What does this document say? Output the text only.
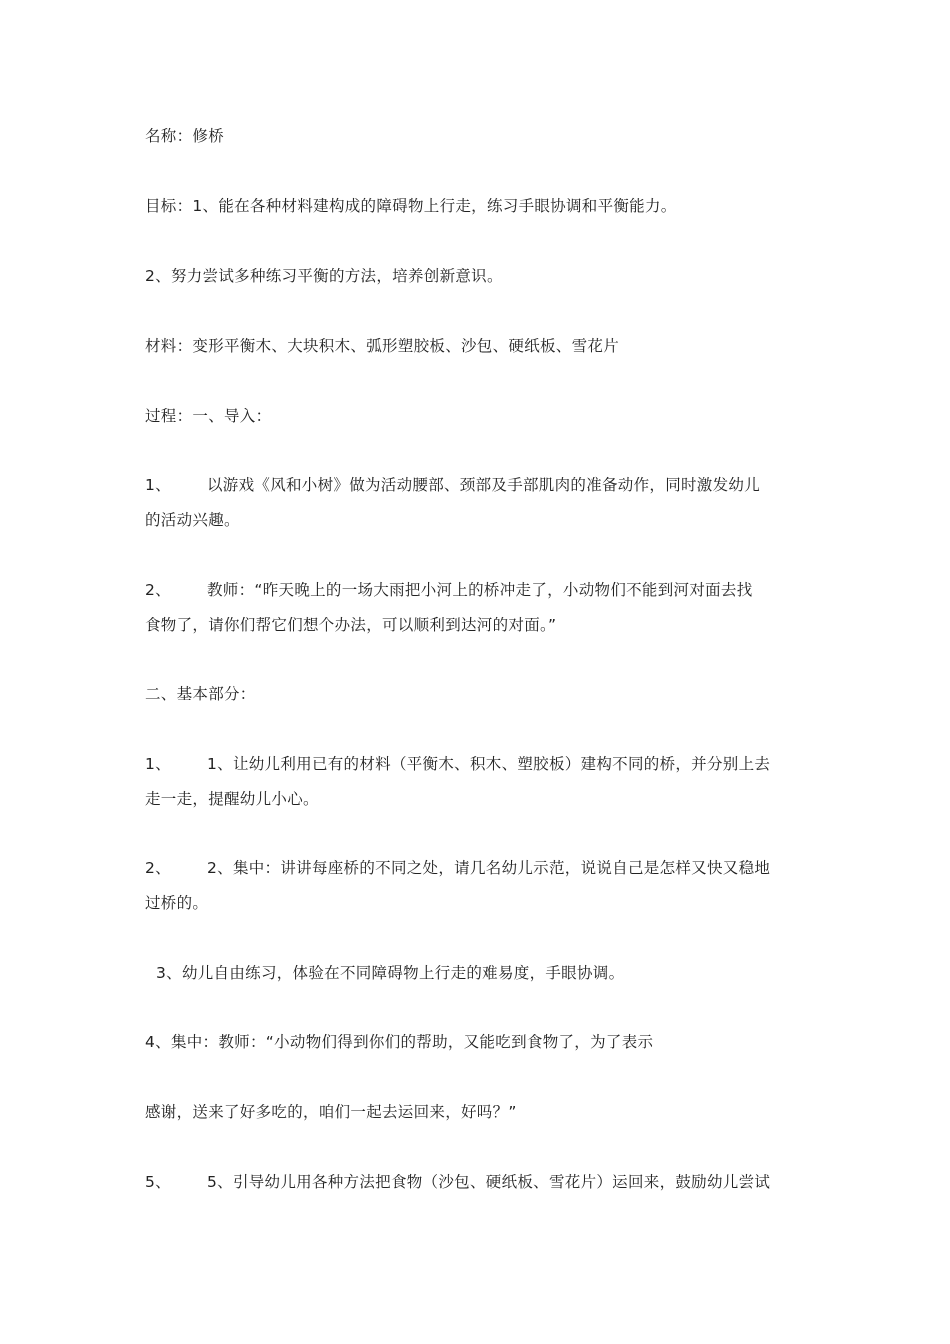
名称：修桥
目标：1、能在各种材料建构成的障碍物上行走，练习手眼协调和平衡能力。
2、努力尝试多种练习平衡的方法，培养创新意识。
材料：变形平衡木、大块积木、弧形塑胶板、沙包、硬纸板、雪花片
过程：一、导入：
1、 以游戏《风和小树》做为活动腰部、颈部及手部肌肉的准备动作，同时激发幼儿
的活动兴趣。
2、 教师：“昨天晚上的一场大雨把小河上的桥冲走了，小动物们不能到河对面去找
食物了，请你们帮它们想个办法，可以顺利到达河的对面。”
二、基本部分：
1、 1、让幼儿利用已有的材料（平衡木、积木、塑胶板）建构不同的桥，并分别上去
走一走，提醒幼儿小心。
2、 2、集中：讲讲每座桥的不同之处，请几名幼儿示范，说说自己是怎样又快又稳地
过桥的。
3、幼儿自由练习，体验在不同障碍物上行走的难易度，手眼协调。
4、集中：教师：“小动物们得到你们的帮助，又能吃到食物了，为了表示
感谢，送来了好多吃的，咱们一起去运回来，好吗？”
5、 5、引导幼儿用各种方法把食物（沙包、硬纸板、雪花片）运回来，鼓励幼儿尝试
